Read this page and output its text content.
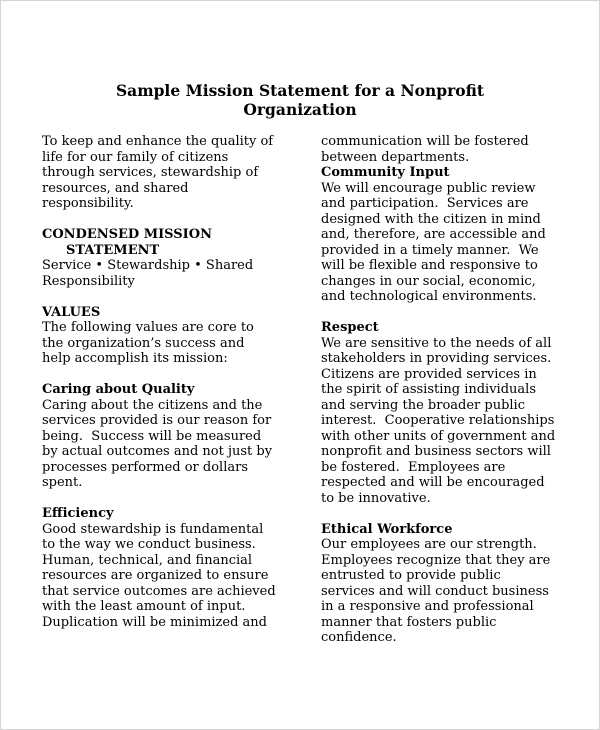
Sample Mission Statement for a Nonprofit
Organization
To keep and enhance the quality of
life for our family of citizens
through services, stewardship of
resources, and shared
responsibility.
CONDENSED MISSION
STATEMENT
Service • Stewardship • Shared
Responsibility
VALUES
The following values are core to
the organization’s success and
help accomplish its mission:
Caring about Quality
Caring about the citizens and the
services provided is our reason for
being.  Success will be measured
by actual outcomes and not just by
processes performed or dollars
spent.
Efficiency
Good stewardship is fundamental
to the way we conduct business.
Human, technical, and financial
resources are organized to ensure
that service outcomes are achieved
with the least amount of input.
Duplication will be minimized and
communication will be fostered
between departments.
Community Input
We will encourage public review
and participation.  Services are
designed with the citizen in mind
and, therefore, are accessible and
provided in a timely manner.  We
will be flexible and responsive to
changes in our social, economic,
and technological environments.
Respect
We are sensitive to the needs of all
stakeholders in providing services.
Citizens are provided services in
the spirit of assisting individuals
and serving the broader public
interest.  Cooperative relationships
with other units of government and
nonprofit and business sectors will
be fostered.  Employees are
respected and will be encouraged
to be innovative.
Ethical Workforce
Our employees are our strength.
Employees recognize that they are
entrusted to provide public
services and will conduct business
in a responsive and professional
manner that fosters public
confidence.
